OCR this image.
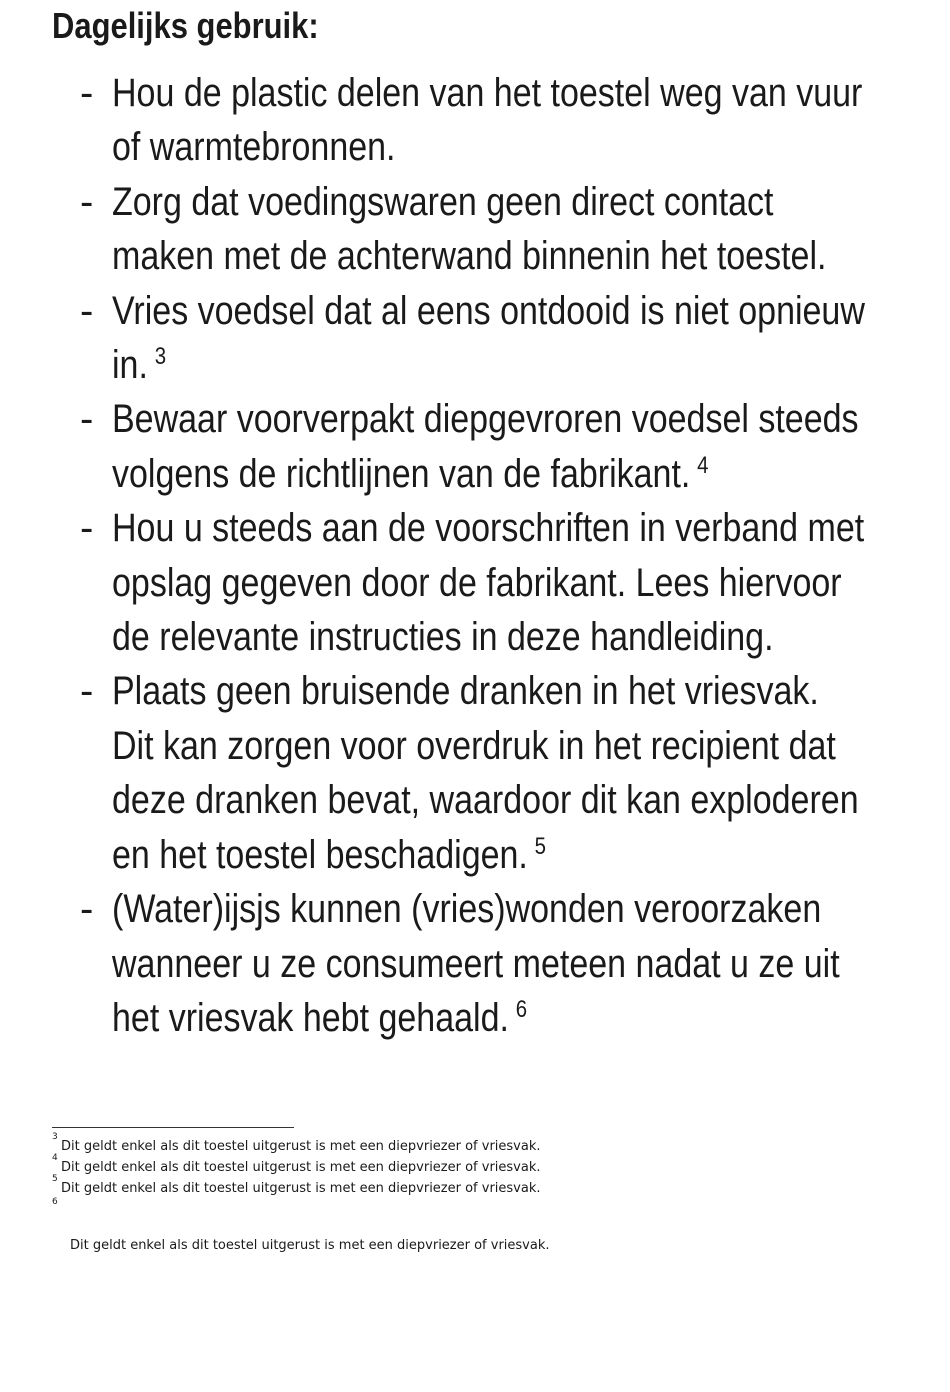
Dagelijks gebruik:
- Hou de plastic delen van het toestel weg van vuur
of warmtebronnen.
- Zorg dat voedingswaren geen direct contact
maken met de achterwand binnenin het toestel.
- Vries voedsel dat al eens ontdooid is niet opnieuw
in. $^3$
- Bewaar voorverpakt diepgevroren voedsel steeds
volgens de richtlijnen van de fabrikant. $^4$
- Hou u steeds aan de voorschriften in verband met
opslag gegeven door de fabrikant. Lees hiervoor
de relevante instructies in deze handleiding.
- Plaats geen bruisende dranken in het vriesvak.
Dit kan zorgen voor overdruk in het recipient dat
deze dranken bevat, waardoor dit kan exploderen
en het toestel beschadigen. $^5$
- (Water)ijsjs kunnen (vries)wonden veroorzaken
wanneer u ze consumeert meteen nadat u ze uit
het vriesvak hebt gehaald. $^6$
3
Dit geldt enkel als dit toestel uitgerust is met een diepvriezer of vriesvak.
4
Dit geldt enkel als dit toestel uitgerust is met een diepvriezer of vriesvak.
5
Dit geldt enkel als dit toestel uitgerust is met een diepvriezer of vriesvak.
6
Dit geldt enkel als dit toestel uitgerust is met een diepvriezer of vriesvak.
